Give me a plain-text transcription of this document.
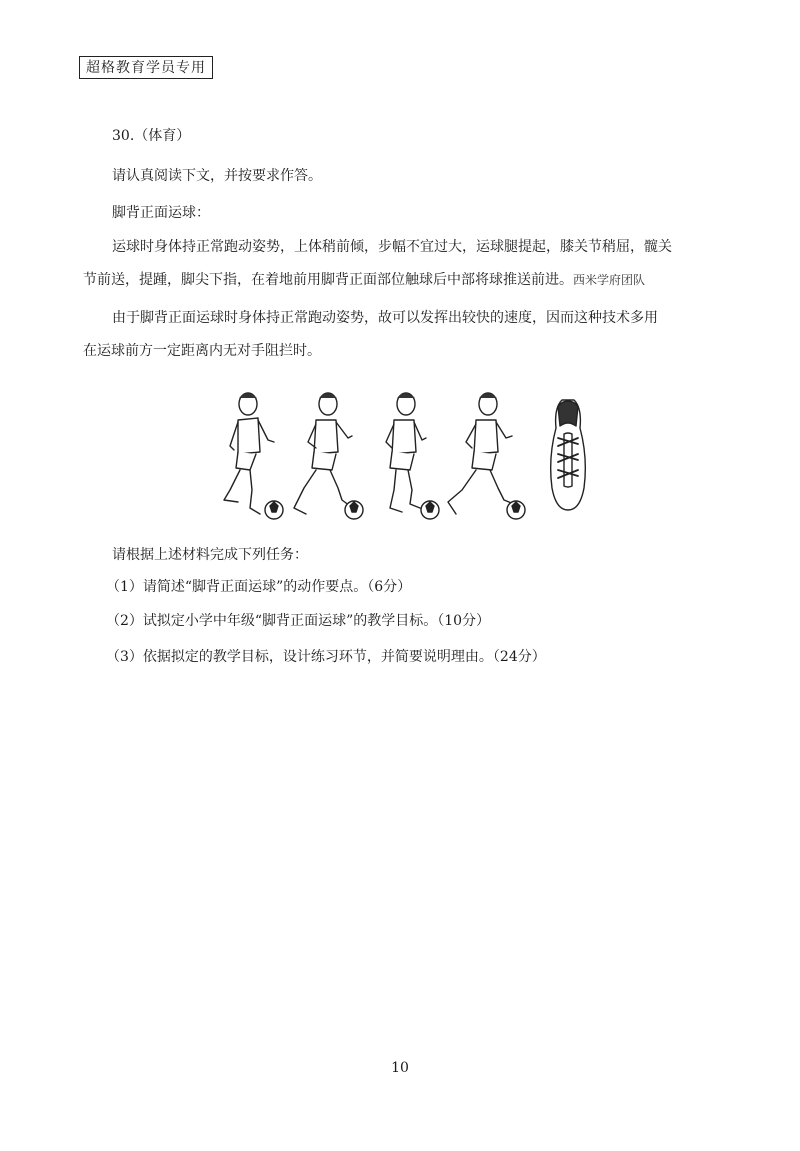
超格教育学员专用
30.（体育）
请认真阅读下文，并按要求作答。
脚背正面运球：
运球时身体持正常跑动姿势，上体稍前倾，步幅不宜过大，运球腿提起，膝关节稍屈，髋关
节前送，提踵，脚尖下指，在着地前用脚背正面部位触球后中部将球推送前进。西米学府团队
由于脚背正面运球时身体持正常跑动姿势，故可以发挥出较快的速度，因而这种技术多用
在运球前方一定距离内无对手阻拦时。
请根据上述材料完成下列任务：
（1）请简述“脚背正面运球”的动作要点。（6分）
（2）试拟定小学中年级“脚背正面运球”的教学目标。（10分）
（3）依据拟定的教学目标，设计练习环节，并简要说明理由。（24分）
10
